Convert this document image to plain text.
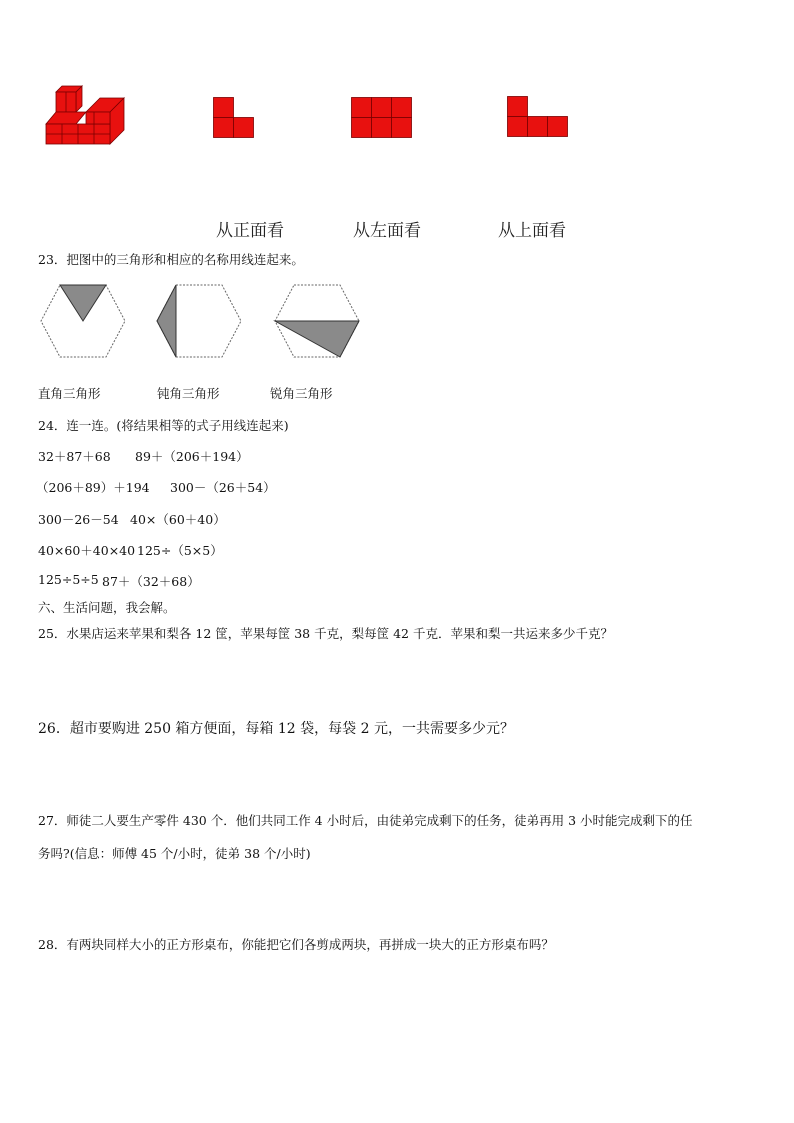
从正面看	从左面看	从上面看
23．把图中的三角形和相应的名称用线连起来。
直角三角形	钝角三角形	锐角三角形
24．连一连。(将结果相等的式子用线连起来)
32＋87＋68 89＋（206＋194）
（206＋89）＋194 300－（26＋54）
300－26－54 40×（60＋40）
40×60＋40×40 125÷（5×5）
125÷5÷5 87＋（32＋68）
六、生活问题，我会解。
25．水果店运来苹果和梨各 12 筐，苹果每筐 38 千克，梨每筐 42 千克．苹果和梨一共运来多少千克？
26．超市要购进 250 箱方便面，每箱 12 袋，每袋 2 元，一共需要多少元？
27．师徒二人要生产零件 430 个．他们共同工作 4 小时后，由徒弟完成剩下的任务，徒弟再用 3 小时能完成剩下的任
务吗?(信息：师傅 45 个/小时，徒弟 38 个/小时)
28．有两块同样大小的正方形桌布，你能把它们各剪成两块，再拼成一块大的正方形桌布吗？
